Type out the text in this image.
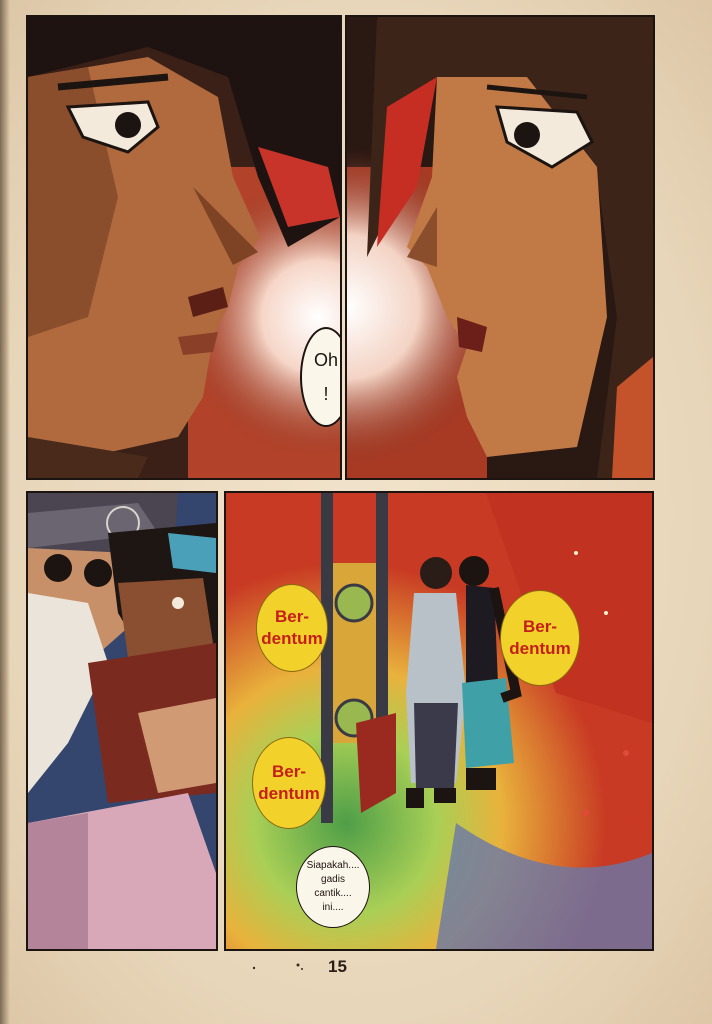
Oh
!
Ber-
dentum
Ber-
dentum
Ber-
dentum
Siapakah....
gadis
cantik....
ini....
15
